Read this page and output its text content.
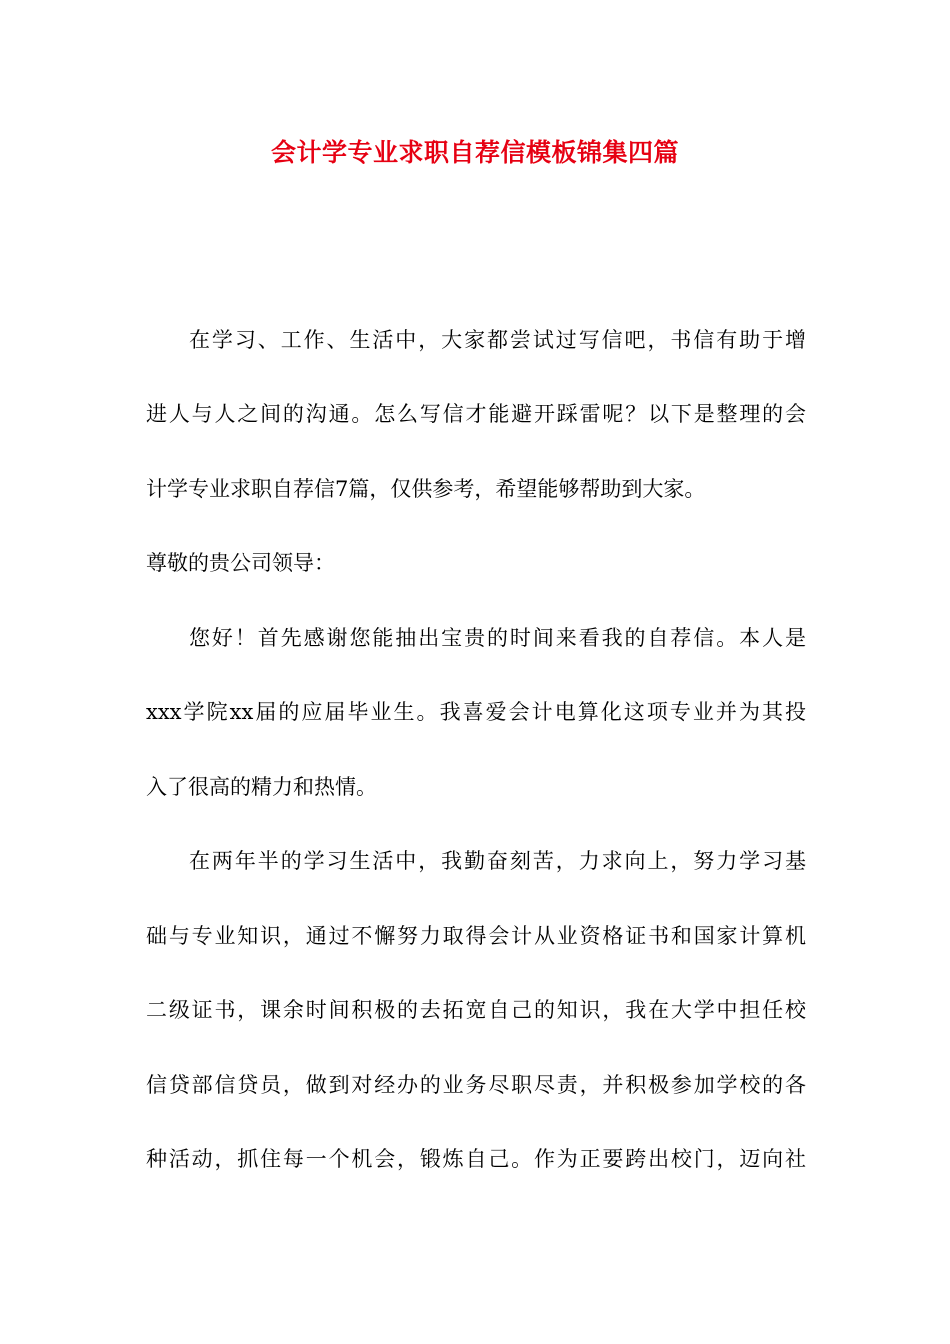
会计学专业求职自荐信模板锦集四篇
在学习、工作、生活中，大家都尝试过写信吧，书信有助于增
进人与人之间的沟通。怎么写信才能避开踩雷呢？以下是整理的会
计学专业求职自荐信7篇，仅供参考，希望能够帮助到大家。
尊敬的贵公司领导：
您好！首先感谢您能抽出宝贵的时间来看我的自荐信。本人是
xxx学院xx届的应届毕业生。我喜爱会计电算化这项专业并为其投
入了很高的精力和热情。
在两年半的学习生活中，我勤奋刻苦，力求向上，努力学习基
础与专业知识，通过不懈努力取得会计从业资格证书和国家计算机
二级证书，课余时间积极的去拓宽自己的知识，我在大学中担任校
信贷部信贷员，做到对经办的业务尽职尽责，并积极参加学校的各
种活动，抓住每一个机会，锻炼自己。作为正要跨出校门，迈向社
